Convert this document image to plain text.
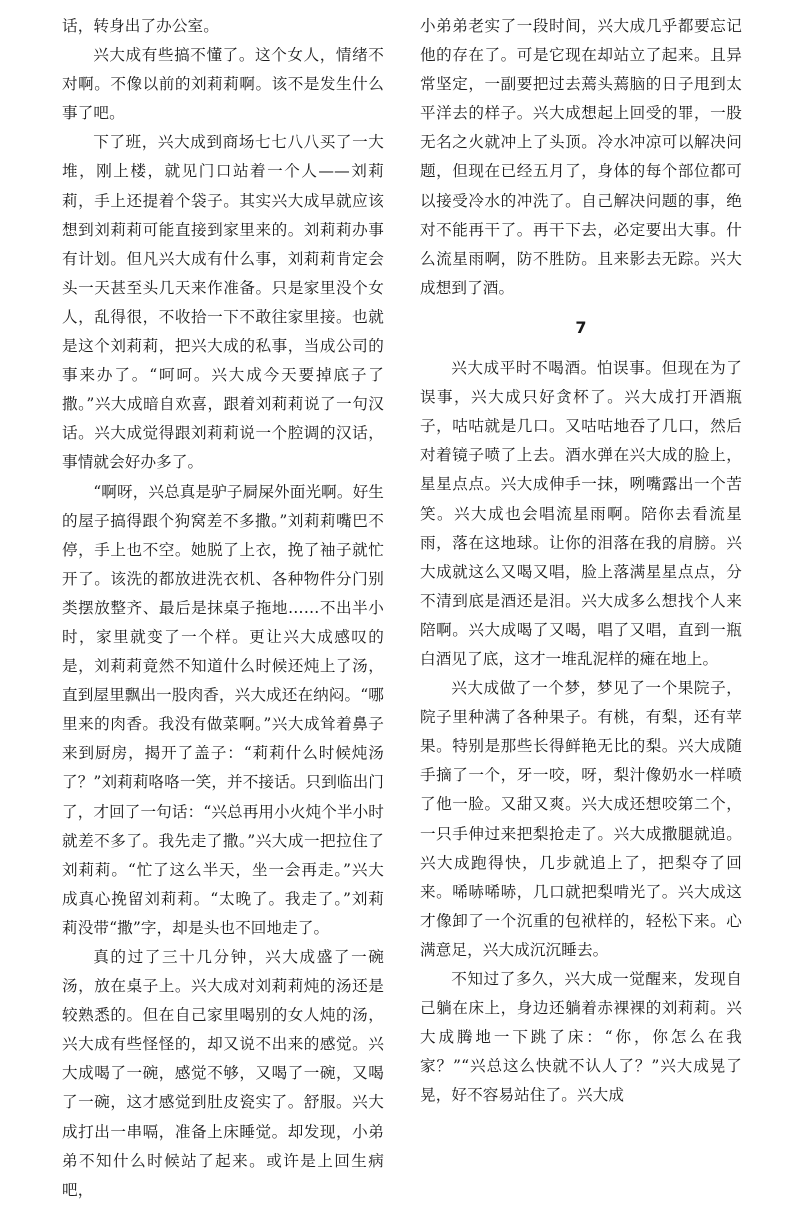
话，转身出了办公室。

兴大成有些搞不懂了。这个女人，情绪不对啊。不像以前的刘莉莉啊。该不是发生什么事了吧。

下了班，兴大成到商场七七八八买了一大堆，刚上楼，就见门口站着一个人——刘莉莉，手上还提着个袋子。其实兴大成早就应该想到刘莉莉可能直接到家里来的。刘莉莉办事有计划。但凡兴大成有什么事，刘莉莉肯定会头一天甚至头几天来作准备。只是家里没个女人，乱得很，不收拾一下不敢往家里接。也就是这个刘莉莉，把兴大成的私事，当成公司的事来办了。“呵呵。兴大成今天要掉底子了撒。”兴大成暗自欢喜，跟着刘莉莉说了一句汉话。兴大成觉得跟刘莉莉说一个腔调的汉话，事情就会好办多了。

“啊呀，兴总真是驴子屙屎外面光啊。好生的屋子搞得跟个狗窝差不多撒。”刘莉莉嘴巴不停，手上也不空。她脱了上衣，挽了袖子就忙开了。该洗的都放进洗衣机、各种物件分门别类摆放整齐、最后是抹桌子拖地……不出半小时，家里就变了一个样。更让兴大成感叹的是，刘莉莉竟然不知道什么时候还炖上了汤，直到屋里飘出一股肉香，兴大成还在纳闷。“哪里来的肉香。我没有做菜啊。”兴大成耸着鼻子来到厨房，揭开了盖子：“莉莉什么时候炖汤了？”刘莉莉咯咯一笑，并不接话。只到临出门了，才回了一句话：“兴总再用小火炖个半小时就差不多了。我先走了撒。”兴大成一把拉住了刘莉莉。“忙了这么半天，坐一会再走。”兴大成真心挽留刘莉莉。“太晚了。我走了。”刘莉莉没带“撒”字，却是头也不回地走了。

真的过了三十几分钟，兴大成盛了一碗汤，放在桌子上。兴大成对刘莉莉炖的汤还是较熟悉的。但在自己家里喝别的女人炖的汤，兴大成有些怪怪的，却又说不出来的感觉。兴大成喝了一碗，感觉不够，又喝了一碗，又喝了一碗，这才感觉到肚皮瓷实了。舒服。兴大成打出一串嗝，准备上床睡觉。却发现，小弟弟不知什么时候站了起来。或许是上回生病吧，

小弟弟老实了一段时间，兴大成几乎都要忘记他的存在了。可是它现在却站立了起来。且异常坚定，一副要把过去蔫头蔫脑的日子甩到太平洋去的样子。兴大成想起上回受的罪，一股无名之火就冲上了头顶。冷水冲凉可以解决问题，但现在已经五月了，身体的每个部位都可以接受冷水的冲洗了。自己解决问题的事，绝对不能再干了。再干下去，必定要出大事。什么流星雨啊，防不胜防。且来影去无踪。兴大成想到了酒。

7

兴大成平时不喝酒。怕误事。但现在为了误事，兴大成只好贪杯了。兴大成打开酒瓶子，咕咕就是几口。又咕咕地吞了几口，然后对着镜子喷了上去。酒水弹在兴大成的脸上，星星点点。兴大成伸手一抹，咧嘴露出一个苦笑。兴大成也会唱流星雨啊。陪你去看流星雨，落在这地球。让你的泪落在我的肩膀。兴大成就这么又喝又唱，脸上落满星星点点，分不清到底是酒还是泪。兴大成多么想找个人来陪啊。兴大成喝了又喝，唱了又唱，直到一瓶白酒见了底，这才一堆乱泥样的瘫在地上。

兴大成做了一个梦，梦见了一个果院子，院子里种满了各种果子。有桃，有梨，还有苹果。特别是那些长得鲜艳无比的梨。兴大成随手摘了一个，牙一咬，呀，梨汁像奶水一样喷了他一脸。又甜又爽。兴大成还想咬第二个，一只手伸过来把梨抢走了。兴大成撒腿就追。兴大成跑得快，几步就追上了，把梨夺了回来。唏哧唏哧，几口就把梨啃光了。兴大成这才像卸了一个沉重的包袱样的，轻松下来。心满意足，兴大成沉沉睡去。

不知过了多久，兴大成一觉醒来，发现自己躺在床上，身边还躺着赤裸裸的刘莉莉。兴大成腾地一下跳了床：“你，你怎么在我家？”“兴总这么快就不认人了？”兴大成晃了晃，好不容易站住了。兴大成
